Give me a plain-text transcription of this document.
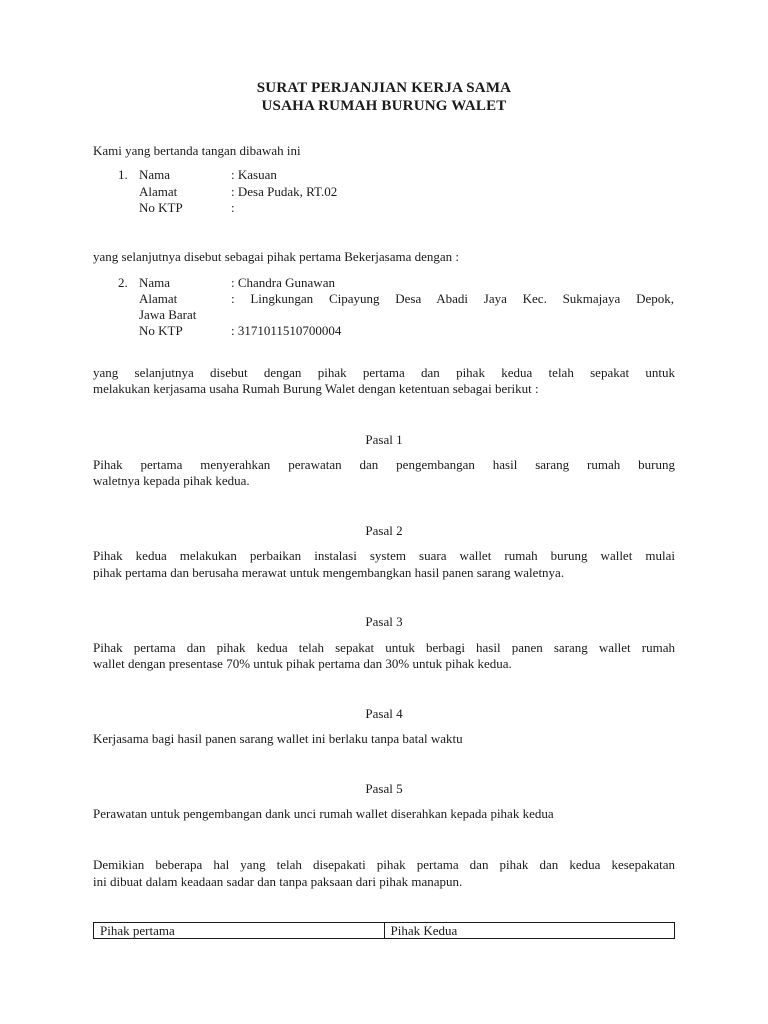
SURAT PERJANJIAN KERJA SAMA
USAHA RUMAH BURUNG WALET
Kami yang bertanda tangan dibawah ini
1. Nama	: Kasuan
Alamat	: Desa Pudak, RT.02
No KTP	:
yang selanjutnya disebut sebagai pihak pertama Bekerjasama dengan :
2. Nama	: Chandra Gunawan
Alamat	: Lingkungan Cipayung Desa Abadi Jaya Kec. Sukmajaya Depok,
Jawa Barat
No KTP	: 3171011510700004
yang selanjutnya disebut dengan pihak pertama dan pihak kedua telah sepakat untuk
melakukan kerjasama usaha Rumah Burung Walet dengan ketentuan sebagai berikut :
Pasal 1
Pihak pertama menyerahkan perawatan dan pengembangan hasil sarang rumah burung
waletnya kepada pihak kedua.
Pasal 2
Pihak kedua melakukan perbaikan instalasi system suara wallet rumah burung wallet mulai
pihak pertama dan berusaha merawat untuk mengembangkan hasil panen sarang waletnya.
Pasal 3
Pihak pertama dan pihak kedua telah sepakat untuk berbagi hasil panen sarang wallet rumah
wallet dengan presentase 70% untuk pihak pertama dan 30% untuk pihak kedua.
Pasal 4
Kerjasama bagi hasil panen sarang wallet ini berlaku tanpa batal waktu
Pasal 5
Perawatan untuk pengembangan dank unci rumah wallet diserahkan kepada pihak kedua
Demikian beberapa hal yang telah disepakati pihak pertama dan pihak dan kedua kesepakatan
ini dibuat dalam keadaan sadar dan tanpa paksaan dari pihak manapun.
Pihak pertama	Pihak Kedua
